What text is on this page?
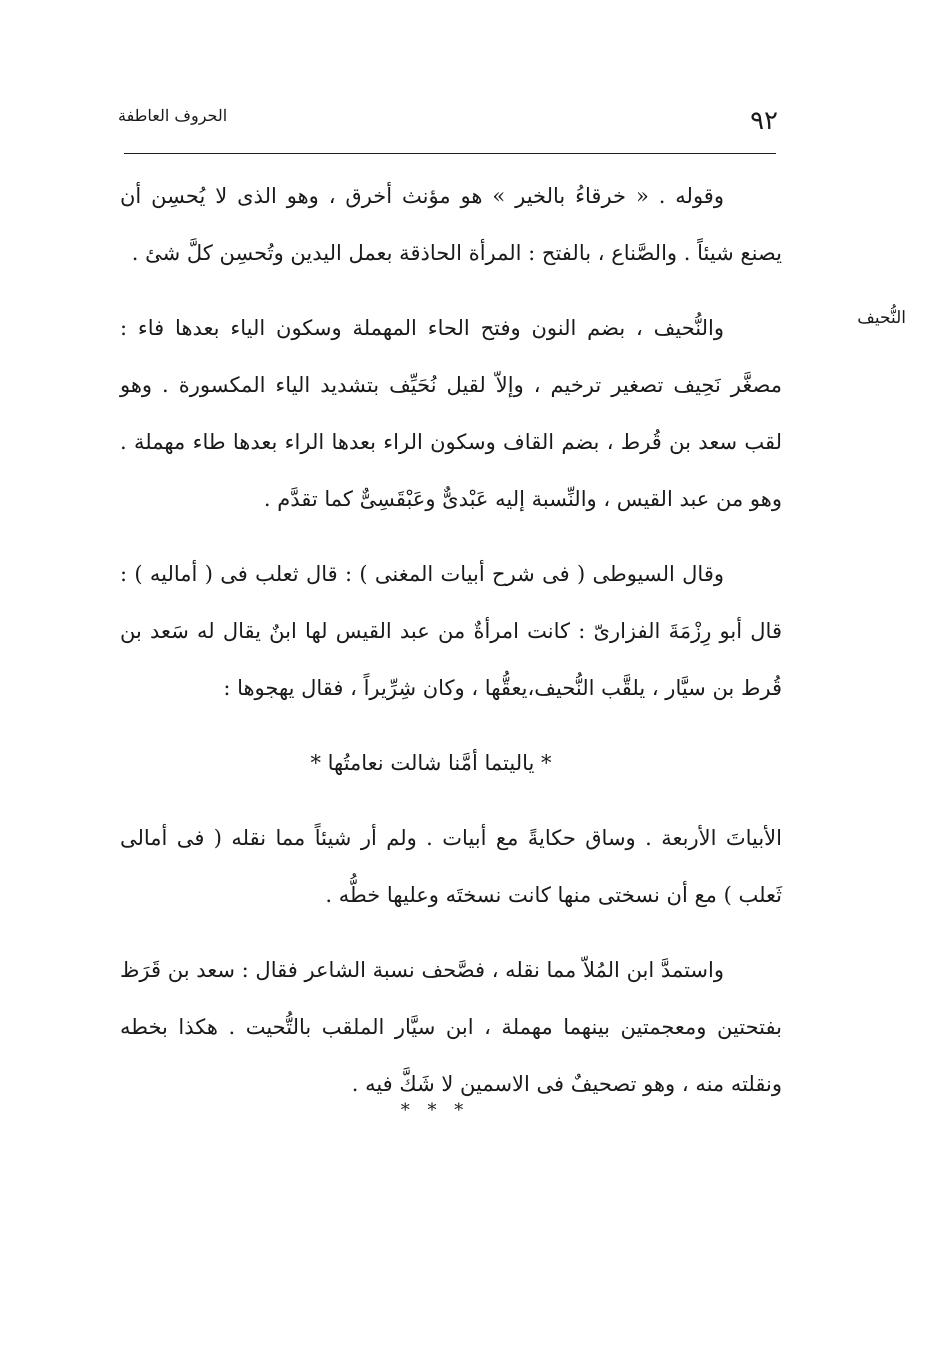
الحروف العاطفة	٩٢
النُّحيف

وقوله . « خرقاءُ بالخير » هو مؤنث أخرق ، وهو الذى لا يُحسِن أن يصنع شيئاً . والصَّناع ، بالفتح : المرأة الحاذقة بعمل اليدين وتُحسِن كلَّ شئ .

والنُّحيف ، بضم النون وفتح الحاء المهملة وسكون الياء بعدها فاء : مصغَّر نَحِيف تصغير ترخيم ، وإلاّ لقيل نُحَيِّف بتشديد الياء المكسورة . وهو لقب سعد بن قُرط ، بضم القاف وسكون الراء بعدها الراء بعدها طاء مهملة . وهو من عبد القيس ، والنِّسبة إليه عَبْدىٌّ وعَبْقَسِىٌّ كما تقدَّم .

وقال السيوطى ( فى شرح أبيات المغنى ) : قال ثعلب فى ( أماليه ) : قال أبو رِزْمَةَ الفزارىّ : كانت امرأةٌ من عبد القيس لها ابنٌ يقال له سَعد بن قُرط بن سيَّار ، يلقَّب النُّحيف،يعقُّها ، وكان شِرِّيراً ، فقال يهجوها :

* ياليتما أمَّنا شالت نعامتُها *

الأبياتَ الأربعة . وساق حكايةً مع أبيات . ولم أر شيئاً مما نقله ( فى أمالى ثَعلب ) مع أن نسختى منها كانت نسختَه وعليها خطُّه .

واستمدَّ ابن المُلاّ مما نقله ، فصَّحف نسبة الشاعر فقال : سعد بن قَرَظ بفتحتين ومعجمتين بينهما مهملة ، ابن سيَّار الملقب بالتُّحيت . هكذا بخطه ونقلته منه ، وهو تصحيفٌ فى الاسمين لا شَكَّ فيه .

* * *
